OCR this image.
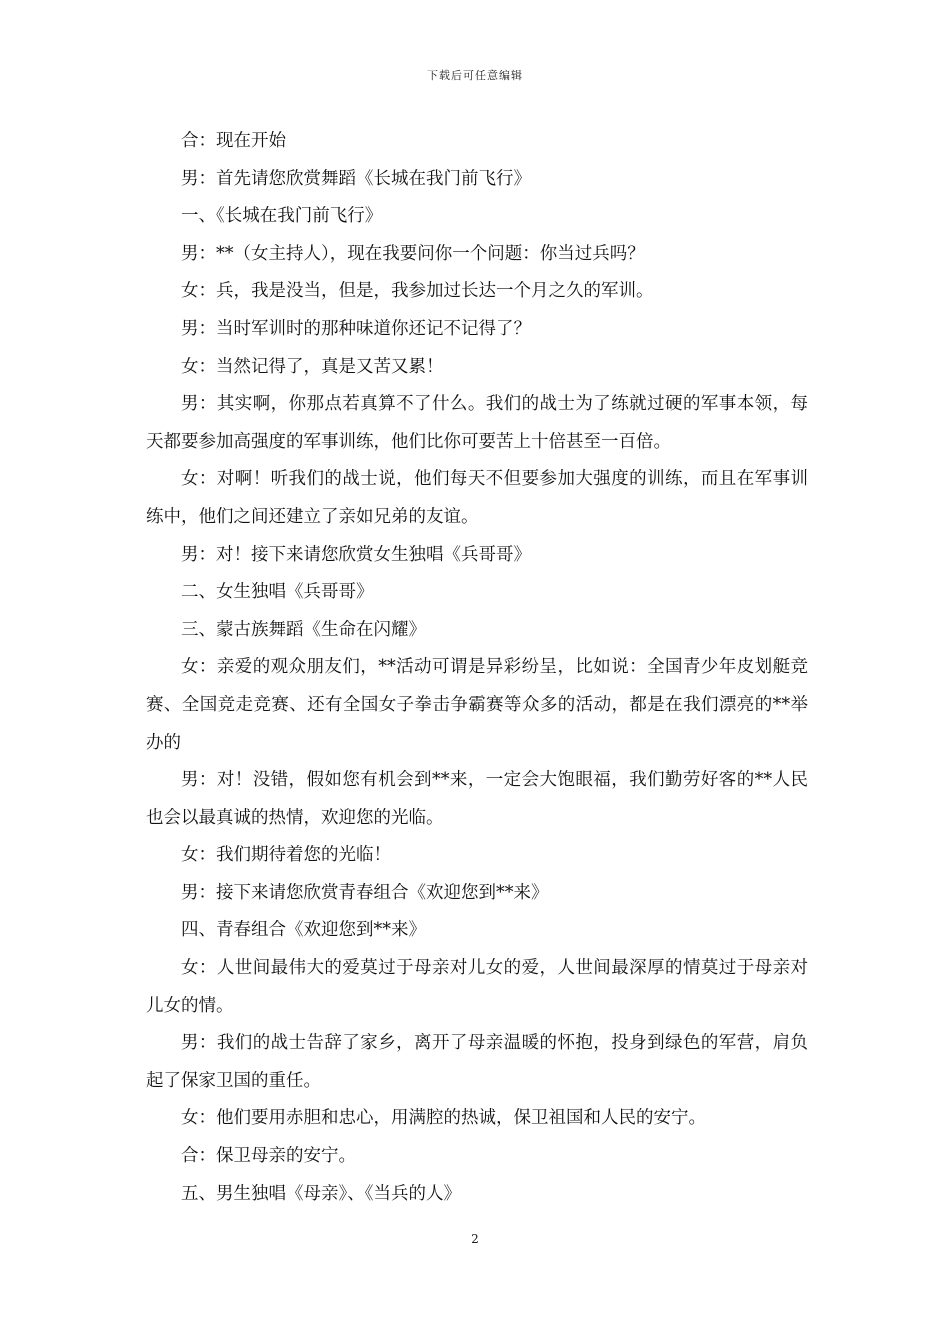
下载后可任意编辑

合：现在开始

男：首先请您欣赏舞蹈《长城在我门前飞行》

一、《长城在我门前飞行》

男：**（女主持人），现在我要问你一个问题：你当过兵吗？

女：兵，我是没当，但是，我参加过长达一个月之久的军训。

男：当时军训时的那种味道你还记不记得了？

女：当然记得了，真是又苦又累！

男：其实啊，你那点若真算不了什么。我们的战士为了练就过硬的军事本领，每天都要参加高强度的军事训练，他们比你可要苦上十倍甚至一百倍。

女：对啊！听我们的战士说，他们每天不但要参加大强度的训练，而且在军事训练中，他们之间还建立了亲如兄弟的友谊。

男：对！接下来请您欣赏女生独唱《兵哥哥》

二、女生独唱《兵哥哥》

三、蒙古族舞蹈《生命在闪耀》

女：亲爱的观众朋友们，**活动可谓是异彩纷呈，比如说：全国青少年皮划艇竞赛、全国竞走竞赛、还有全国女子拳击争霸赛等众多的活动，都是在我们漂亮的**举办的

男：对！没错，假如您有机会到**来，一定会大饱眼福，我们勤劳好客的**人民也会以最真诚的热情，欢迎您的光临。

女：我们期待着您的光临！

男：接下来请您欣赏青春组合《欢迎您到**来》

四、青春组合《欢迎您到**来》

女：人世间最伟大的爱莫过于母亲对儿女的爱，人世间最深厚的情莫过于母亲对儿女的情。

男：我们的战士告辞了家乡，离开了母亲温暖的怀抱，投身到绿色的军营，肩负起了保家卫国的重任。

女：他们要用赤胆和忠心，用满腔的热诚，保卫祖国和人民的安宁。

合：保卫母亲的安宁。

五、男生独唱《母亲》、《当兵的人》

2
